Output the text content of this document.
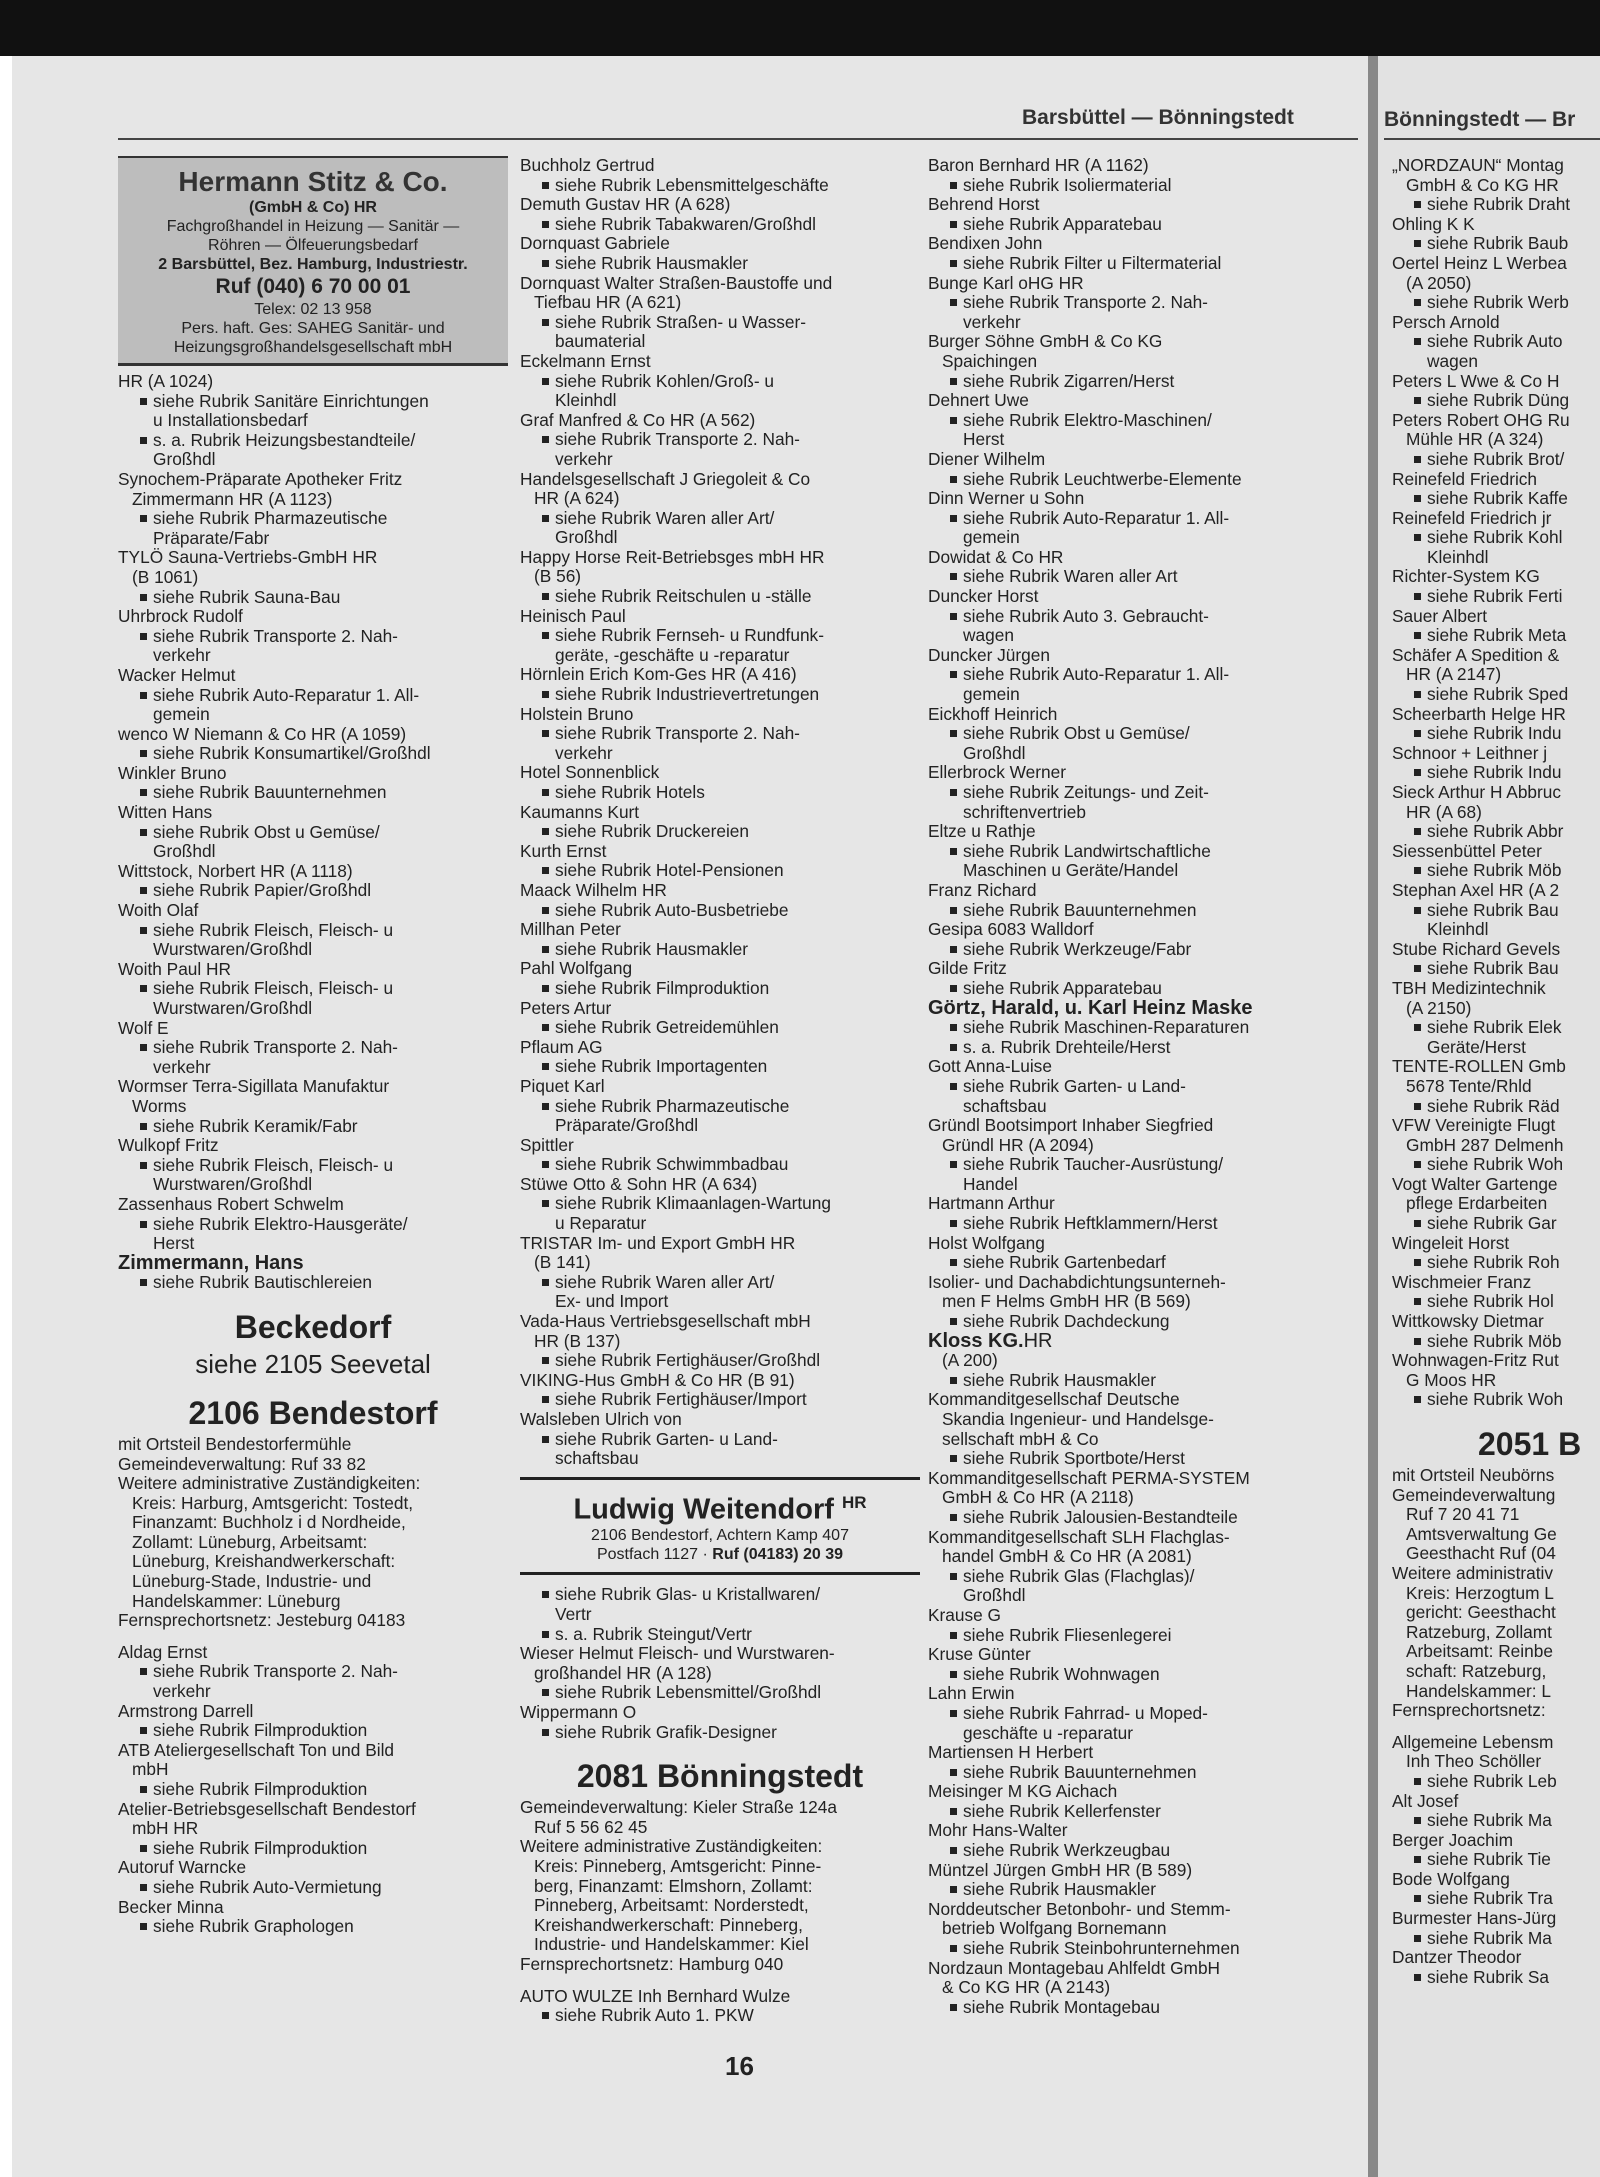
Barsbüttel — Bönningstedt
Hermann Stitz & Co.
(GmbH & Co) HR
Fachgroßhandel in Heizung — Sanitär —
Röhren — Ölfeuerungsbedarf
2 Barsbüttel, Bez. Hamburg, Industriestr.
Ruf (040) 6 70 00 01
Telex: 02 13 958
Pers. haft. Ges: SAHEG Sanitär- und
Heizungsgroßhandelsgesellschaft mbH
HR (A 1024)
siehe Rubrik Sanitäre Einrichtungen
u Installationsbedarf
s. a. Rubrik Heizungsbestandteile/
Großhdl
Synochem-Präparate Apotheker Fritz
Zimmermann HR (A 1123)
siehe Rubrik Pharmazeutische
Präparate/Fabr
TYLÖ Sauna-Vertriebs-GmbH HR
(B 1061)
siehe Rubrik Sauna-Bau
Uhrbrock Rudolf
siehe Rubrik Transporte 2. Nah-
verkehr
Wacker Helmut
siehe Rubrik Auto-Reparatur 1. All-
gemein
wenco W Niemann & Co HR (A 1059)
siehe Rubrik Konsumartikel/Großhdl
Winkler Bruno
siehe Rubrik Bauunternehmen
Witten Hans
siehe Rubrik Obst u Gemüse/
Großhdl
Wittstock, Norbert HR (A 1118)
siehe Rubrik Papier/Großhdl
Woith Olaf
siehe Rubrik Fleisch, Fleisch- u
Wurstwaren/Großhdl
Woith Paul HR
siehe Rubrik Fleisch, Fleisch- u
Wurstwaren/Großhdl
Wolf E
siehe Rubrik Transporte 2. Nah-
verkehr
Wormser Terra-Sigillata Manufaktur
Worms
siehe Rubrik Keramik/Fabr
Wulkopf Fritz
siehe Rubrik Fleisch, Fleisch- u
Wurstwaren/Großhdl
Zassenhaus Robert Schwelm
siehe Rubrik Elektro-Hausgeräte/
Herst
Zimmermann, Hans
siehe Rubrik Bautischlereien
Beckedorf
siehe 2105 Seevetal
2106 Bendestorf
mit Ortsteil Bendestorfermühle
Gemeindeverwaltung: Ruf 33 82
Weitere administrative Zuständigkeiten:
Kreis: Harburg, Amtsgericht: Tostedt,
Finanzamt: Buchholz i d Nordheide,
Zollamt: Lüneburg, Arbeitsamt:
Lüneburg, Kreishandwerkerschaft:
Lüneburg-Stade, Industrie- und
Handelskammer: Lüneburg
Fernsprechortsnetz: Jesteburg 04183
Aldag Ernst
siehe Rubrik Transporte 2. Nah-
verkehr
Armstrong Darrell
siehe Rubrik Filmproduktion
ATB Ateliergesellschaft Ton und Bild
mbH
siehe Rubrik Filmproduktion
Atelier-Betriebsgesellschaft Bendestorf
mbH HR
siehe Rubrik Filmproduktion
Autoruf Warncke
siehe Rubrik Auto-Vermietung
Becker Minna
siehe Rubrik Graphologen
Buchholz Gertrud
siehe Rubrik Lebensmittelgeschäfte
Demuth Gustav HR (A 628)
siehe Rubrik Tabakwaren/Großhdl
Dornquast Gabriele
siehe Rubrik Hausmakler
Dornquast Walter Straßen-Baustoffe und
Tiefbau HR (A 621)
siehe Rubrik Straßen- u Wasser-
baumaterial
Eckelmann Ernst
siehe Rubrik Kohlen/Groß- u
Kleinhdl
Graf Manfred & Co HR (A 562)
siehe Rubrik Transporte 2. Nah-
verkehr
Handelsgesellschaft J Griegoleit & Co
HR (A 624)
siehe Rubrik Waren aller Art/
Großhdl
Happy Horse Reit-Betriebsges mbH HR
(B 56)
siehe Rubrik Reitschulen u -ställe
Heinisch Paul
siehe Rubrik Fernseh- u Rundfunk-
geräte, -geschäfte u -reparatur
Hörnlein Erich Kom-Ges HR (A 416)
siehe Rubrik Industrievertretungen
Holstein Bruno
siehe Rubrik Transporte 2. Nah-
verkehr
Hotel Sonnenblick
siehe Rubrik Hotels
Kaumanns Kurt
siehe Rubrik Druckereien
Kurth Ernst
siehe Rubrik Hotel-Pensionen
Maack Wilhelm HR
siehe Rubrik Auto-Busbetriebe
Millhan Peter
siehe Rubrik Hausmakler
Pahl Wolfgang
siehe Rubrik Filmproduktion
Peters Artur
siehe Rubrik Getreidemühlen
Pflaum AG
siehe Rubrik Importagenten
Piquet Karl
siehe Rubrik Pharmazeutische
Präparate/Großhdl
Spittler
siehe Rubrik Schwimmbadbau
Stüwe Otto & Sohn HR (A 634)
siehe Rubrik Klimaanlagen-Wartung
u Reparatur
TRISTAR Im- und Export GmbH HR
(B 141)
siehe Rubrik Waren aller Art/
Ex- und Import
Vada-Haus Vertriebsgesellschaft mbH
HR (B 137)
siehe Rubrik Fertighäuser/Großhdl
VIKING-Hus GmbH & Co HR (B 91)
siehe Rubrik Fertighäuser/Import
Walsleben Ulrich von
siehe Rubrik Garten- u Land-
schaftsbau
Ludwig Weitendorf $^{HR}$
2106 Bendestorf, Achtern Kamp 407
Postfach 1127 · Ruf (04183) 20 39
siehe Rubrik Glas- u Kristallwaren/
Vertr
s. a. Rubrik Steingut/Vertr
Wieser Helmut Fleisch- und Wurstwaren-
großhandel HR (A 128)
siehe Rubrik Lebensmittel/Großhdl
Wippermann O
siehe Rubrik Grafik-Designer
2081 Bönningstedt
Gemeindeverwaltung: Kieler Straße 124a
Ruf 5 56 62 45
Weitere administrative Zuständigkeiten:
Kreis: Pinneberg, Amtsgericht: Pinne-
berg, Finanzamt: Elmshorn, Zollamt:
Pinneberg, Arbeitsamt: Norderstedt,
Kreishandwerkerschaft: Pinneberg,
Industrie- und Handelskammer: Kiel
Fernsprechortsnetz: Hamburg 040
AUTO WULZE Inh Bernhard Wulze
siehe Rubrik Auto 1. PKW
Baron Bernhard HR (A 1162)
siehe Rubrik Isoliermaterial
Behrend Horst
siehe Rubrik Apparatebau
Bendixen John
siehe Rubrik Filter u Filtermaterial
Bunge Karl oHG HR
siehe Rubrik Transporte 2. Nah-
verkehr
Burger Söhne GmbH & Co KG
Spaichingen
siehe Rubrik Zigarren/Herst
Dehnert Uwe
siehe Rubrik Elektro-Maschinen/
Herst
Diener Wilhelm
siehe Rubrik Leuchtwerbe-Elemente
Dinn Werner u Sohn
siehe Rubrik Auto-Reparatur 1. All-
gemein
Dowidat & Co HR
siehe Rubrik Waren aller Art
Duncker Horst
siehe Rubrik Auto 3. Gebraucht-
wagen
Duncker Jürgen
siehe Rubrik Auto-Reparatur 1. All-
gemein
Eickhoff Heinrich
siehe Rubrik Obst u Gemüse/
Großhdl
Ellerbrock Werner
siehe Rubrik Zeitungs- und Zeit-
schriftenvertrieb
Eltze u Rathje
siehe Rubrik Landwirtschaftliche
Maschinen u Geräte/Handel
Franz Richard
siehe Rubrik Bauunternehmen
Gesipa 6083 Walldorf
siehe Rubrik Werkzeuge/Fabr
Gilde Fritz
siehe Rubrik Apparatebau
Görtz, Harald, u. Karl Heinz Maske
siehe Rubrik Maschinen-Reparaturen
s. a. Rubrik Drehteile/Herst
Gott Anna-Luise
siehe Rubrik Garten- u Land-
schaftsbau
Gründl Bootsimport Inhaber Siegfried
Gründl HR (A 2094)
siehe Rubrik Taucher-Ausrüstung/
Handel
Hartmann Arthur
siehe Rubrik Heftklammern/Herst
Holst Wolfgang
siehe Rubrik Gartenbedarf
Isolier- und Dachabdichtungsunterneh-
men F Helms GmbH HR (B 569)
siehe Rubrik Dachdeckung
Kloss KG.HR
(A 200)
siehe Rubrik Hausmakler
Kommanditgesellschaf Deutsche
Skandia Ingenieur- und Handelsge-
sellschaft mbH & Co
siehe Rubrik Sportbote/Herst
Kommanditgesellschaft PERMA-SYSTEM
GmbH & Co HR (A 2118)
siehe Rubrik Jalousien-Bestandteile
Kommanditgesellschaft SLH Flachglas-
handel GmbH & Co HR (A 2081)
siehe Rubrik Glas (Flachglas)/
Großhdl
Krause G
siehe Rubrik Fliesenlegerei
Kruse Günter
siehe Rubrik Wohnwagen
Lahn Erwin
siehe Rubrik Fahrrad- u Moped-
geschäfte u -reparatur
Martiensen H Herbert
siehe Rubrik Bauunternehmen
Meisinger M KG Aichach
siehe Rubrik Kellerfenster
Mohr Hans-Walter
siehe Rubrik Werkzeugbau
Müntzel Jürgen GmbH HR (B 589)
siehe Rubrik Hausmakler
Norddeutscher Betonbohr- und Stemm-
betrieb Wolfgang Bornemann
siehe Rubrik Steinbohrunternehmen
Nordzaun Montagebau Ahlfeldt GmbH
& Co KG HR (A 2143)
siehe Rubrik Montagebau
16
Bönningstedt — Br
„NORDZAUN“ Montag
GmbH & Co KG HR
siehe Rubrik Draht
Ohling K K
siehe Rubrik Baub
Oertel Heinz L Werbea
(A 2050)
siehe Rubrik Werb
Persch Arnold
siehe Rubrik Auto
wagen
Peters L Wwe & Co H
siehe Rubrik Düng
Peters Robert OHG Ru
Mühle HR (A 324)
siehe Rubrik Brot/
Reinefeld Friedrich
siehe Rubrik Kaffe
Reinefeld Friedrich jr
siehe Rubrik Kohl
Kleinhdl
Richter-System KG
siehe Rubrik Ferti
Sauer Albert
siehe Rubrik Meta
Schäfer A Spedition &
HR (A 2147)
siehe Rubrik Sped
Scheerbarth Helge HR
siehe Rubrik Indu
Schnoor + Leithner j
siehe Rubrik Indu
Sieck Arthur H Abbruc
HR (A 68)
siehe Rubrik Abbr
Siessenbüttel Peter
siehe Rubrik Möb
Stephan Axel HR (A 2
siehe Rubrik Bau
Kleinhdl
Stube Richard Gevels
siehe Rubrik Bau
TBH Medizintechnik
(A 2150)
siehe Rubrik Elek
Geräte/Herst
TENTE-ROLLEN Gmb
5678 Tente/Rhld
siehe Rubrik Räd
VFW Vereinigte Flugt
GmbH 287 Delmenh
siehe Rubrik Woh
Vogt Walter Gartenge
pflege Erdarbeiten
siehe Rubrik Gar
Wingeleit Horst
siehe Rubrik Roh
Wischmeier Franz
siehe Rubrik Hol
Wittkowsky Dietmar
siehe Rubrik Möb
Wohnwagen-Fritz Rut
G Moos HR
siehe Rubrik Woh
2051 B
mit Ortsteil Neubörns
Gemeindeverwaltung
Ruf 7 20 41 71
Amtsverwaltung Ge
Geesthacht Ruf (04
Weitere administrativ
Kreis: Herzogtum L
gericht: Geesthacht
Ratzeburg, Zollamt
Arbeitsamt: Reinbe
schaft: Ratzeburg,
Handelskammer: L
Fernsprechortsnetz:
Allgemeine Lebensm
Inh Theo Schöller
siehe Rubrik Leb
Alt Josef
siehe Rubrik Ma
Berger Joachim
siehe Rubrik Tie
Bode Wolfgang
siehe Rubrik Tra
Burmester Hans-Jürg
siehe Rubrik Ma
Dantzer Theodor
siehe Rubrik Sa
